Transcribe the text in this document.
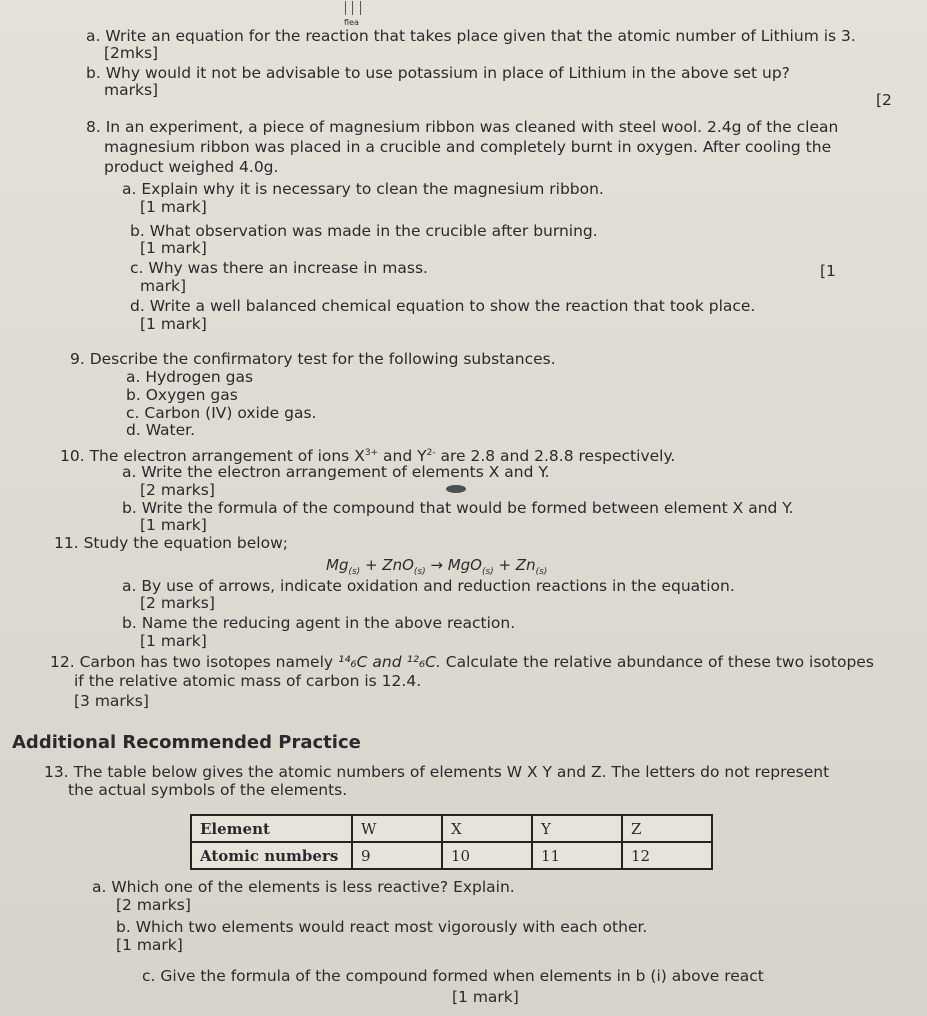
flea
a. Write an equation for the reaction that takes place given that the atomic number of Lithium is 3.
[2mks]
b. Why would it not be advisable to use potassium in place of Lithium in the above set up?
[2
marks]
8. In an experiment, a piece of magnesium ribbon was cleaned with steel wool. 2.4g of the clean
magnesium ribbon was placed in a crucible and completely burnt in oxygen. After cooling the
product weighed 4.0g.
a. Explain why it is necessary to clean the magnesium ribbon.
[1 mark]
b. What observation was made in the crucible after burning.
[1 mark]
c. Why was there an increase in mass.	[1
mark]
d. Write a well balanced chemical equation to show the reaction that took place.
[1 mark]
9. Describe the confirmatory test for the following substances.
a. Hydrogen gas
b. Oxygen gas
c. Carbon (IV) oxide gas.
d. Water.
10. The electron arrangement of ions $X^{3+}$ and $Y^{2-}$ are 2.8 and 2.8.8 respectively.
a. Write the electron arrangement of elements X and Y.
[2 marks]
b. Write the formula of the compound that would be formed between element X and Y.
[1 mark]
11. Study the equation below;
$Mg_{(s)} + ZnO_{(s)} \to MgO_{(s)} + Zn_{(s)}$
a. By use of arrows, indicate oxidation and reduction reactions in the equation.
[2 marks]
b. Name the reducing agent in the above reaction.
[1 mark]
12. Carbon has two isotopes namely ¹⁴₆C and ¹²₆C. Calculate the relative abundance of these two isotopes
if the relative atomic mass of carbon is 12.4.
[3 marks]
Additional Recommended Practice
13. The table below gives the atomic numbers of elements W X Y and Z. The letters do not represent
the actual symbols of the elements.
Element	W	X	Y	Z
Atomic numbers	9	10	11	12
a. Which one of the elements is less reactive? Explain.
[2 marks]
b. Which two elements would react most vigorously with each other.
[1 mark]
c. Give the formula of the compound formed when elements in b (i) above react
[1 mark]
